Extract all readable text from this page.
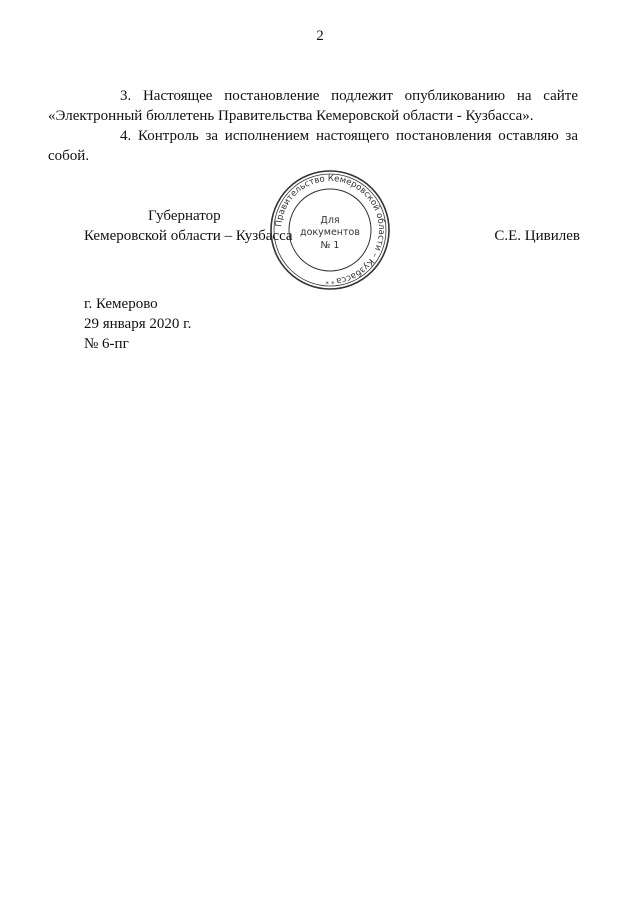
2

3. Настоящее постановление подлежит опубликованию на сайте
«Электронный бюллетень Правительства Кемеровской области - Кузбасса».

4. Контроль за исполнением настоящего постановления оставляю за
собой.

Губернатор
Кемеровской области – Кузбасса	С.Е. Цивилев
г. Кемерово
29 января 2020 г.
№ 6-пг
Правительство Кемеровской области – Кузбасса
* *
Для
документов
№ 1
